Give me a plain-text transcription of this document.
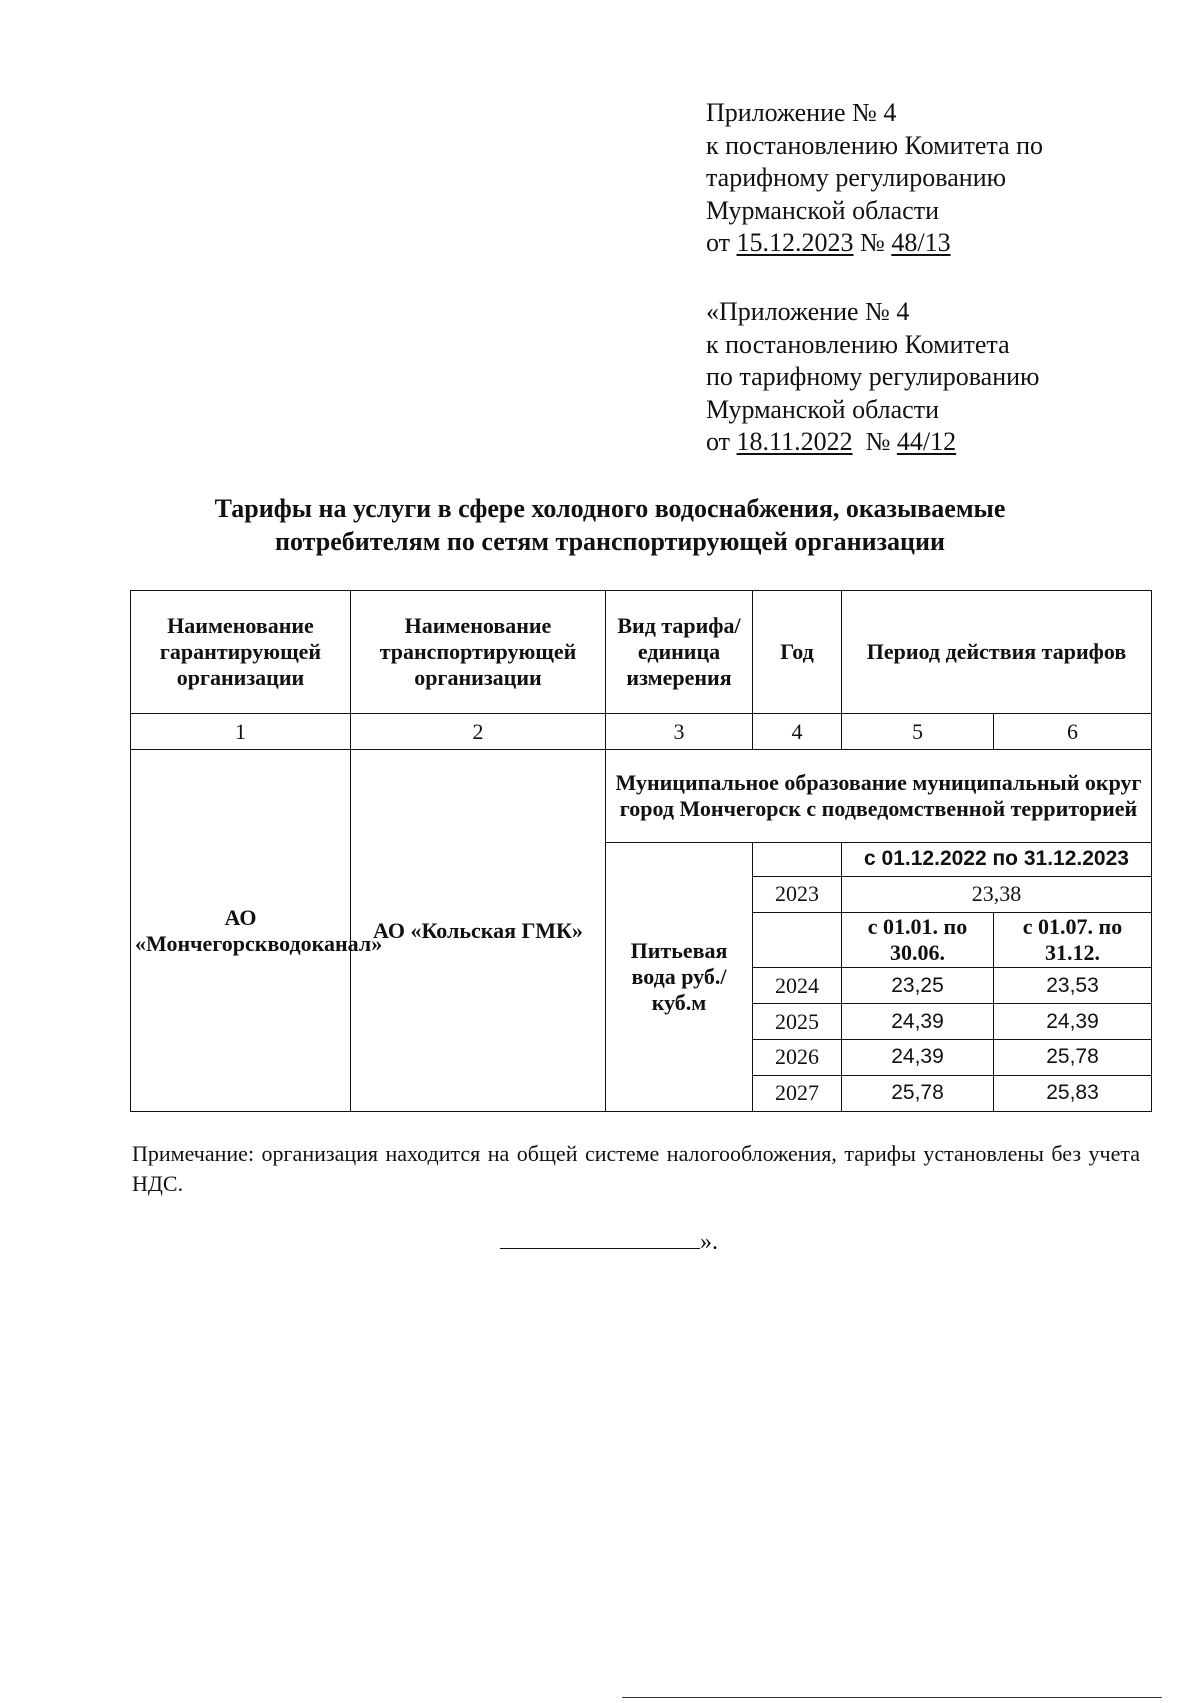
Приложение № 4
к постановлению Комитета по
тарифному регулированию
Мурманской области
от 15.12.2023 № 48/13
«Приложение № 4
к постановлению Комитета
по тарифному регулированию
Мурманской области
от 18.11.2022  № 44/12
Тарифы на услуги в сфере холодного водоснабжения, оказываемые
потребителям по сетям транспортирующей организации
Наименование гарантирующей организации	Наименование транспортирующей организации	Вид тарифа/ единица измерения	Год	Период действия тарифов	
1	2	3	4	5	6
АО «Мончегорскводоканал»	АО «Кольская ГМК»	Муниципальное образование муниципальный округ город Мончегорск с подведомственной территорией			
		Питьевая вода руб./куб.м		с 01.12.2022 по 31.12.2023	
			2023	23,38	
				с 01.01. по 30.06.	с 01.07. по 31.12.
			2024	23,25	23,53
			2025	24,39	24,39
			2026	24,39	25,78
			2027	25,78	25,83
Примечание: организация находится на общей системе налогообложения, тарифы установлены без учета НДС.
».
